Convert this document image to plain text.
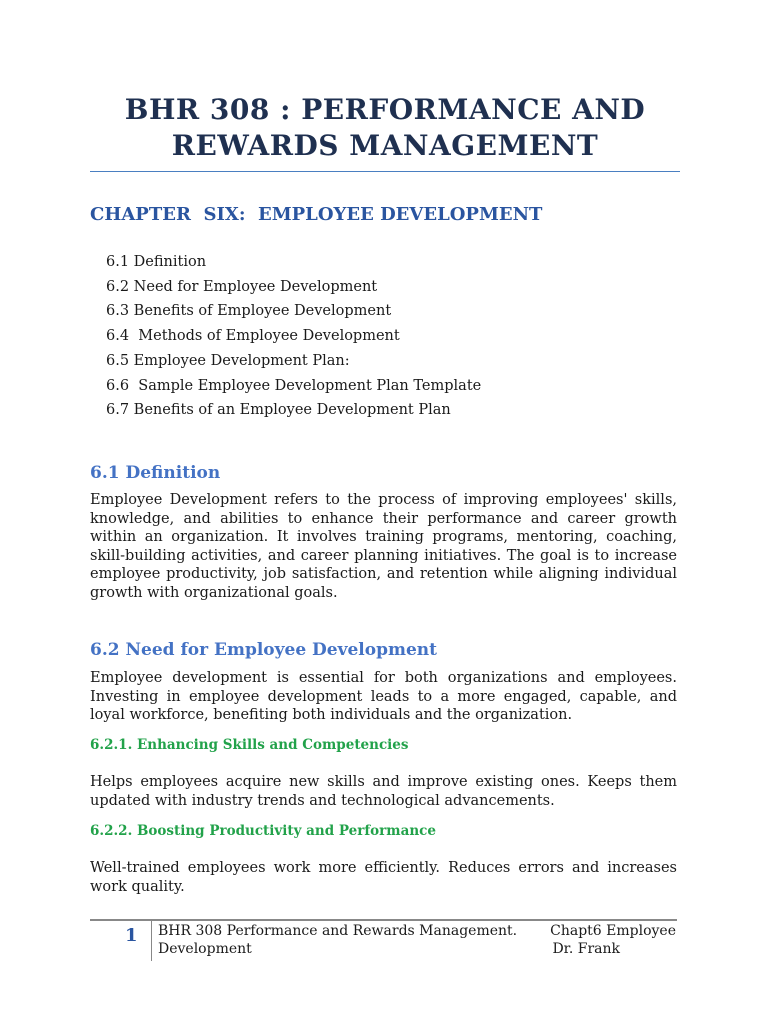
BHR 308 : PERFORMANCE AND
REWARDS MANAGEMENT
CHAPTER  SIX:  EMPLOYEE DEVELOPMENT
6.1 Definition
6.2 Need for Employee Development
6.3 Benefits of Employee Development
6.4  Methods of Employee Development
6.5 Employee Development Plan:
6.6  Sample Employee Development Plan Template
6.7 Benefits of an Employee Development Plan
6.1 Definition

Employee Development refers to the process of improving employees' skills, knowledge, and abilities to enhance their performance and career growth within an organization. It involves training programs, mentoring, coaching, skill-building activities, and career planning initiatives. The goal is to increase employee productivity, job satisfaction, and retention while aligning individual growth with organizational goals.

6.2 Need for Employee Development

Employee development is essential for both organizations and employees. Investing in employee development leads to a more engaged, capable, and loyal workforce, benefiting both individuals and the organization.

6.2.1. Enhancing Skills and Competencies

Helps employees acquire new skills and improve existing ones. Keeps them updated with industry trends and technological advancements.

6.2.2. Boosting Productivity and Performance

Well-trained employees work more efficiently. Reduces errors and increases work quality.

1 BHR 308 Performance and Rewards Management. Chapt6 Employee
Development	Dr. Frank
